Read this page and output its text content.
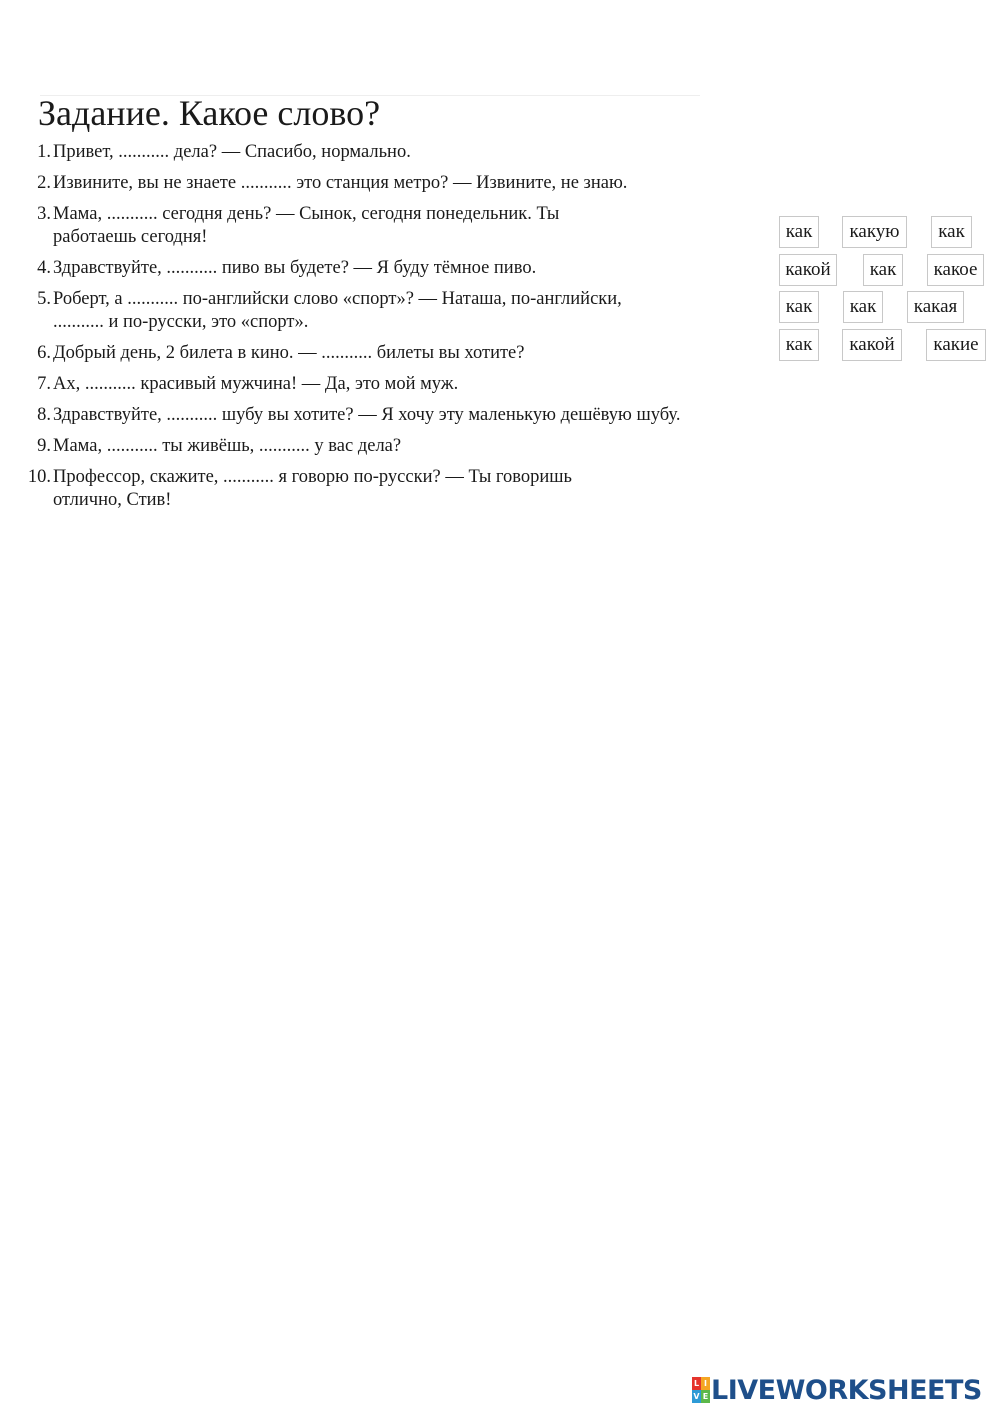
Задание. Какое слово?
1. Привет, ........... дела? — Спасибо, нормально.
2. Извините, вы не знаете ........... это станция метро? — Извините, не знаю.
3. Мама, ........... сегодня день? — Сынок, сегодня понедельник. Ты работаешь сегодня!
4. Здравствуйте, ........... пиво вы будете? — Я буду тёмное пиво.
5. Роберт, а ........... по-английски слово «спорт»? — Наташа, по-английски, ........... и по-русски, это «спорт».
6. Добрый день, 2 билета в кино. — ........... билеты вы хотите?
7. Ах, ........... красивый мужчина! — Да, это мой муж.
8. Здравствуйте, ........... шубу вы хотите? — Я хочу эту маленькую дешёвую шубу.
9. Мама, ........... ты живёшь, ........... у вас дела?
10. Профессор, скажите, ........... я говорю по-русски? — Ты говоришь отлично, Стив!
как	какую	как
какой	как	какое
как	как	какая
как	какой	какие
L I
V E LIVEWORKSHEETS
